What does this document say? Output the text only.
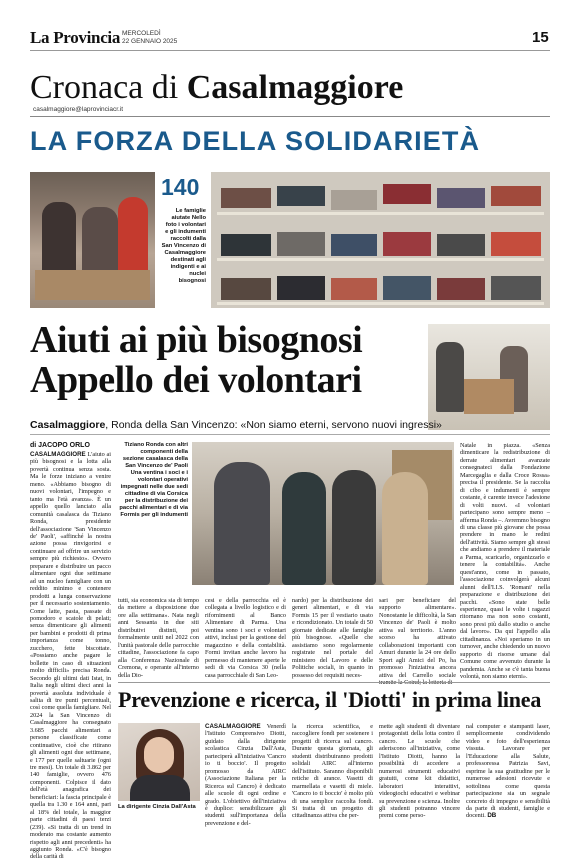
La Provincia MERCOLEDÌ
22 GENNAIO 2025	15
Cronaca di Casalmaggiore
casalmaggiore@laprovinciacr.it
LA FORZA DELLA SOLIDARIETÀ
140
Le famiglie aiutate Nello foto i volontari e gli indumenti raccolti dalla San Vincenzo di Casalmaggiore destinati agli indigenti e ai nuclei bisognosi
Aiuti ai più bisognosi
Appello dei volontari
Casalmaggiore, Ronda della San Vincenzo: «Non siamo eterni, servono nuovi ingressi»
di JACOPO ORLO
CASALMAGGIORE L'aiuto ai più bisognosi e la lotta alla povertà continua senza sosta. Ma le forze iniziano a venire meno. «Abbiamo bisogno di nuovi volontari, l'impegno e tanto ma l'età avanza». È un appello quello lanciato alla comunità casalasca da Tiziano Ronda, presidente dell'associazione 'San Vincenzo de' Paoli', «affinché la nostra azione possa rinvigorirsi e continuare ad offrire un servizio sempre più richiesto». Ovvero preparare e distribuire un pacco alimentare ogni due settimane ad un nucleo famigliare con un reddito minimo e contenere prodotti a lunga conservazione per il necessario sostentamento. Come latte, pasta, passate di pomodoro e scatole di pelati; senza dimenticare gli alimenti per bambini e prodotti di prima importanza come tonno, zucchero, fette biscottate. «Possiamo anche pagare le bollette in caso di situazioni molto difficili» precisa Ronda. Secondo gli ultimi dati Istat, in Italia negli ultimi dieci anni la povertà assoluta individuale è salita di tre punti percentuali, così come quella famigliare. Nel 2024 la San Vincenzo di Casalmaggiore ha consegnato 3.685 pacchi alimentari a persone classificate come continuative, cioè che ritirano gli alimenti ogni due settimane, e 177 per quelle saltuarie (ogni tre mesi). Un totale di 3.862 per 140 famiglie, ovvero 476 componenti. Colpisce il dato dell'età anagrafica dei beneficiari: la fascia principale è quella tra 1.30 e 164 anni, pari al 18% del totale, la maggior parte cittadini di paesi terzi (239). «Si tratta di un trend in moderato ma costante aumento rispetto agli anni precedenti» ha aggiunto Ronda. «C'è bisogno della carità di
Tiziano Ronda con altri componenti della sezione casalasca della San Vincenzo de' Paoli Una ventina i soci e i volontari operativi impegnati nelle due sedi cittadine di via Corsica per la distribuzione dei pacchi alimentari e di via Formis per gli indumenti
Natale in piazza. «Senza dimenticare la redistribuzione di derrate alimentari avanzate consegnateci dalla Fondazione Marcegaglia e dalla Croce Rossa» precisa il presidente. Se la raccolta di cibo e indumenti è sempre costante, è carente invece l'adesione di volti nuovi. «I volontari partecipano sono sempre meno – afferma Ronda –. Avremmo bisogno di una classe più giovane che possa prendere in mano le redini dell'attività. Siamo sempre gli stessi che andiamo a prendere il materiale a Parma, scaricarlo, organizzarlo e tenere la contabilità». Anche quest'anno, come in passato, l'associazione coinvolgerà alcuni alunni dell'I.I.S. 'Romani' nella preparazione e distribuzione dei pacchi. «Sono state belle esperienze, quasi le volte i ragazzi ritornano ma non sono costanti, sono presi più dallo studio o anche dal lavoro». Da qui l'appello alla cittadinanza. «Noi speriamo in un turnover, anche chiedendo un nuovo supporto di risorse umane dal Comune come avvenuto durante la pandemia. Anche se c'è tanta buona volontà, non siamo eterni».
tutti, sia economica sia di tempo da mettere a disposizione due ore alla settimana». Nata negli anni Sessanta in due siti distributivi distinti, poi formalmente uniti nel 2022 con l'unità pastorale delle parrocchie cittadine, l'associazione fa capo alla Conferenza Nazionale di Cremona, e operante all'interno della Dio-
cesi e della parrocchia ed è collegata a livello logistico e di rifornimenti al Banco Alimentare di Parma. Una ventina sono i soci e volontari attivi, inclusi per la gestione del magazzino e della contabilità. Formi invitan anche lavoro ha permesso di mantenere aperte le sedi di via Corsica 30 (nella casa parrocchiale di San Leo-
nardo) per la distribuzione dei generi alimentari, e di via Formis 15 per il vestiario usato e ricondizionato. Un totale di 50 giornate dedicate alle famiglie più bisognose. «Quelle che assistiamo sono regolarmente registrate nel portale del ministero del Lavoro e delle Politiche sociali, in quanto in possesso dei requisiti neces-
sari per beneficiare del supporto alimentare». Nonostante le difficoltà, la San Vincenzo de' Paoli è molto attiva sul territorio. L'anno scorso ha attivato collaborazioni importanti con Amuri durante la 24 ore dello Sport agli Amici del Po, ha promosso l'iniziativa ancora attiva del Carrello sociale
Prevenzione e ricerca, il 'Diotti' in prima linea
La dirigente Cinzia Dall'Asta
CASALMAGGIORE Venerdì l'Istituto Comprensivo Diotti, guidato dalla dirigente scolastica Cinzia Dall'Asta, parteciperà all'iniziativa 'Cancro io ti boccio'. Il progetto promosso da AIRC (Associazione Italiana per la Ricerca sul Cancro) è dedicato alle scuole di ogni ordine e grado. L'obiettivo dell'iniziativa è duplice: sensibilizzare gli studenti sull'importanza della prevenzione e del-
la ricerca scientifica, e raccogliere fondi per sostenere i progetti di ricerca sul cancro. Durante questa giornata, gli studenti distribuiranno prodotti solidali AIRC all'interno dell'istituto. Saranno disponibili retiche di arance. Vasetti di marmellata e vasetti di miele. 'Cancro io ti boccio' è molto più di una semplice raccolta fondi. Si tratta di un progetto di cittadinanza attiva che per-
mette agli studenti di diventare protagonisti della lotta contro il cancro. Le scuole che aderiscono all'iniziativa, come l'Istituto Diotti, hanno la possibilità di accedere a numerosi strumenti educativi gratuiti, come kit didattici, laboratori interattivi, videogiochi educativi e webinar su prevenzione e scienza. Inoltre gli studenti potranno vincere premi come perso-
nal computer e stampanti laser, semplicemente condividendo video e foto dell'esperienza vissuta. Lavorare per l'Educazione alla Salute, professoressa Patrizia Savi, esprime la sua gratitudine per le numerose adesioni ricevute e sottolinea come questa partecipazione sia un segnale concreto di impegno e sensibilità da parte di studenti, famiglie e docenti. DB
